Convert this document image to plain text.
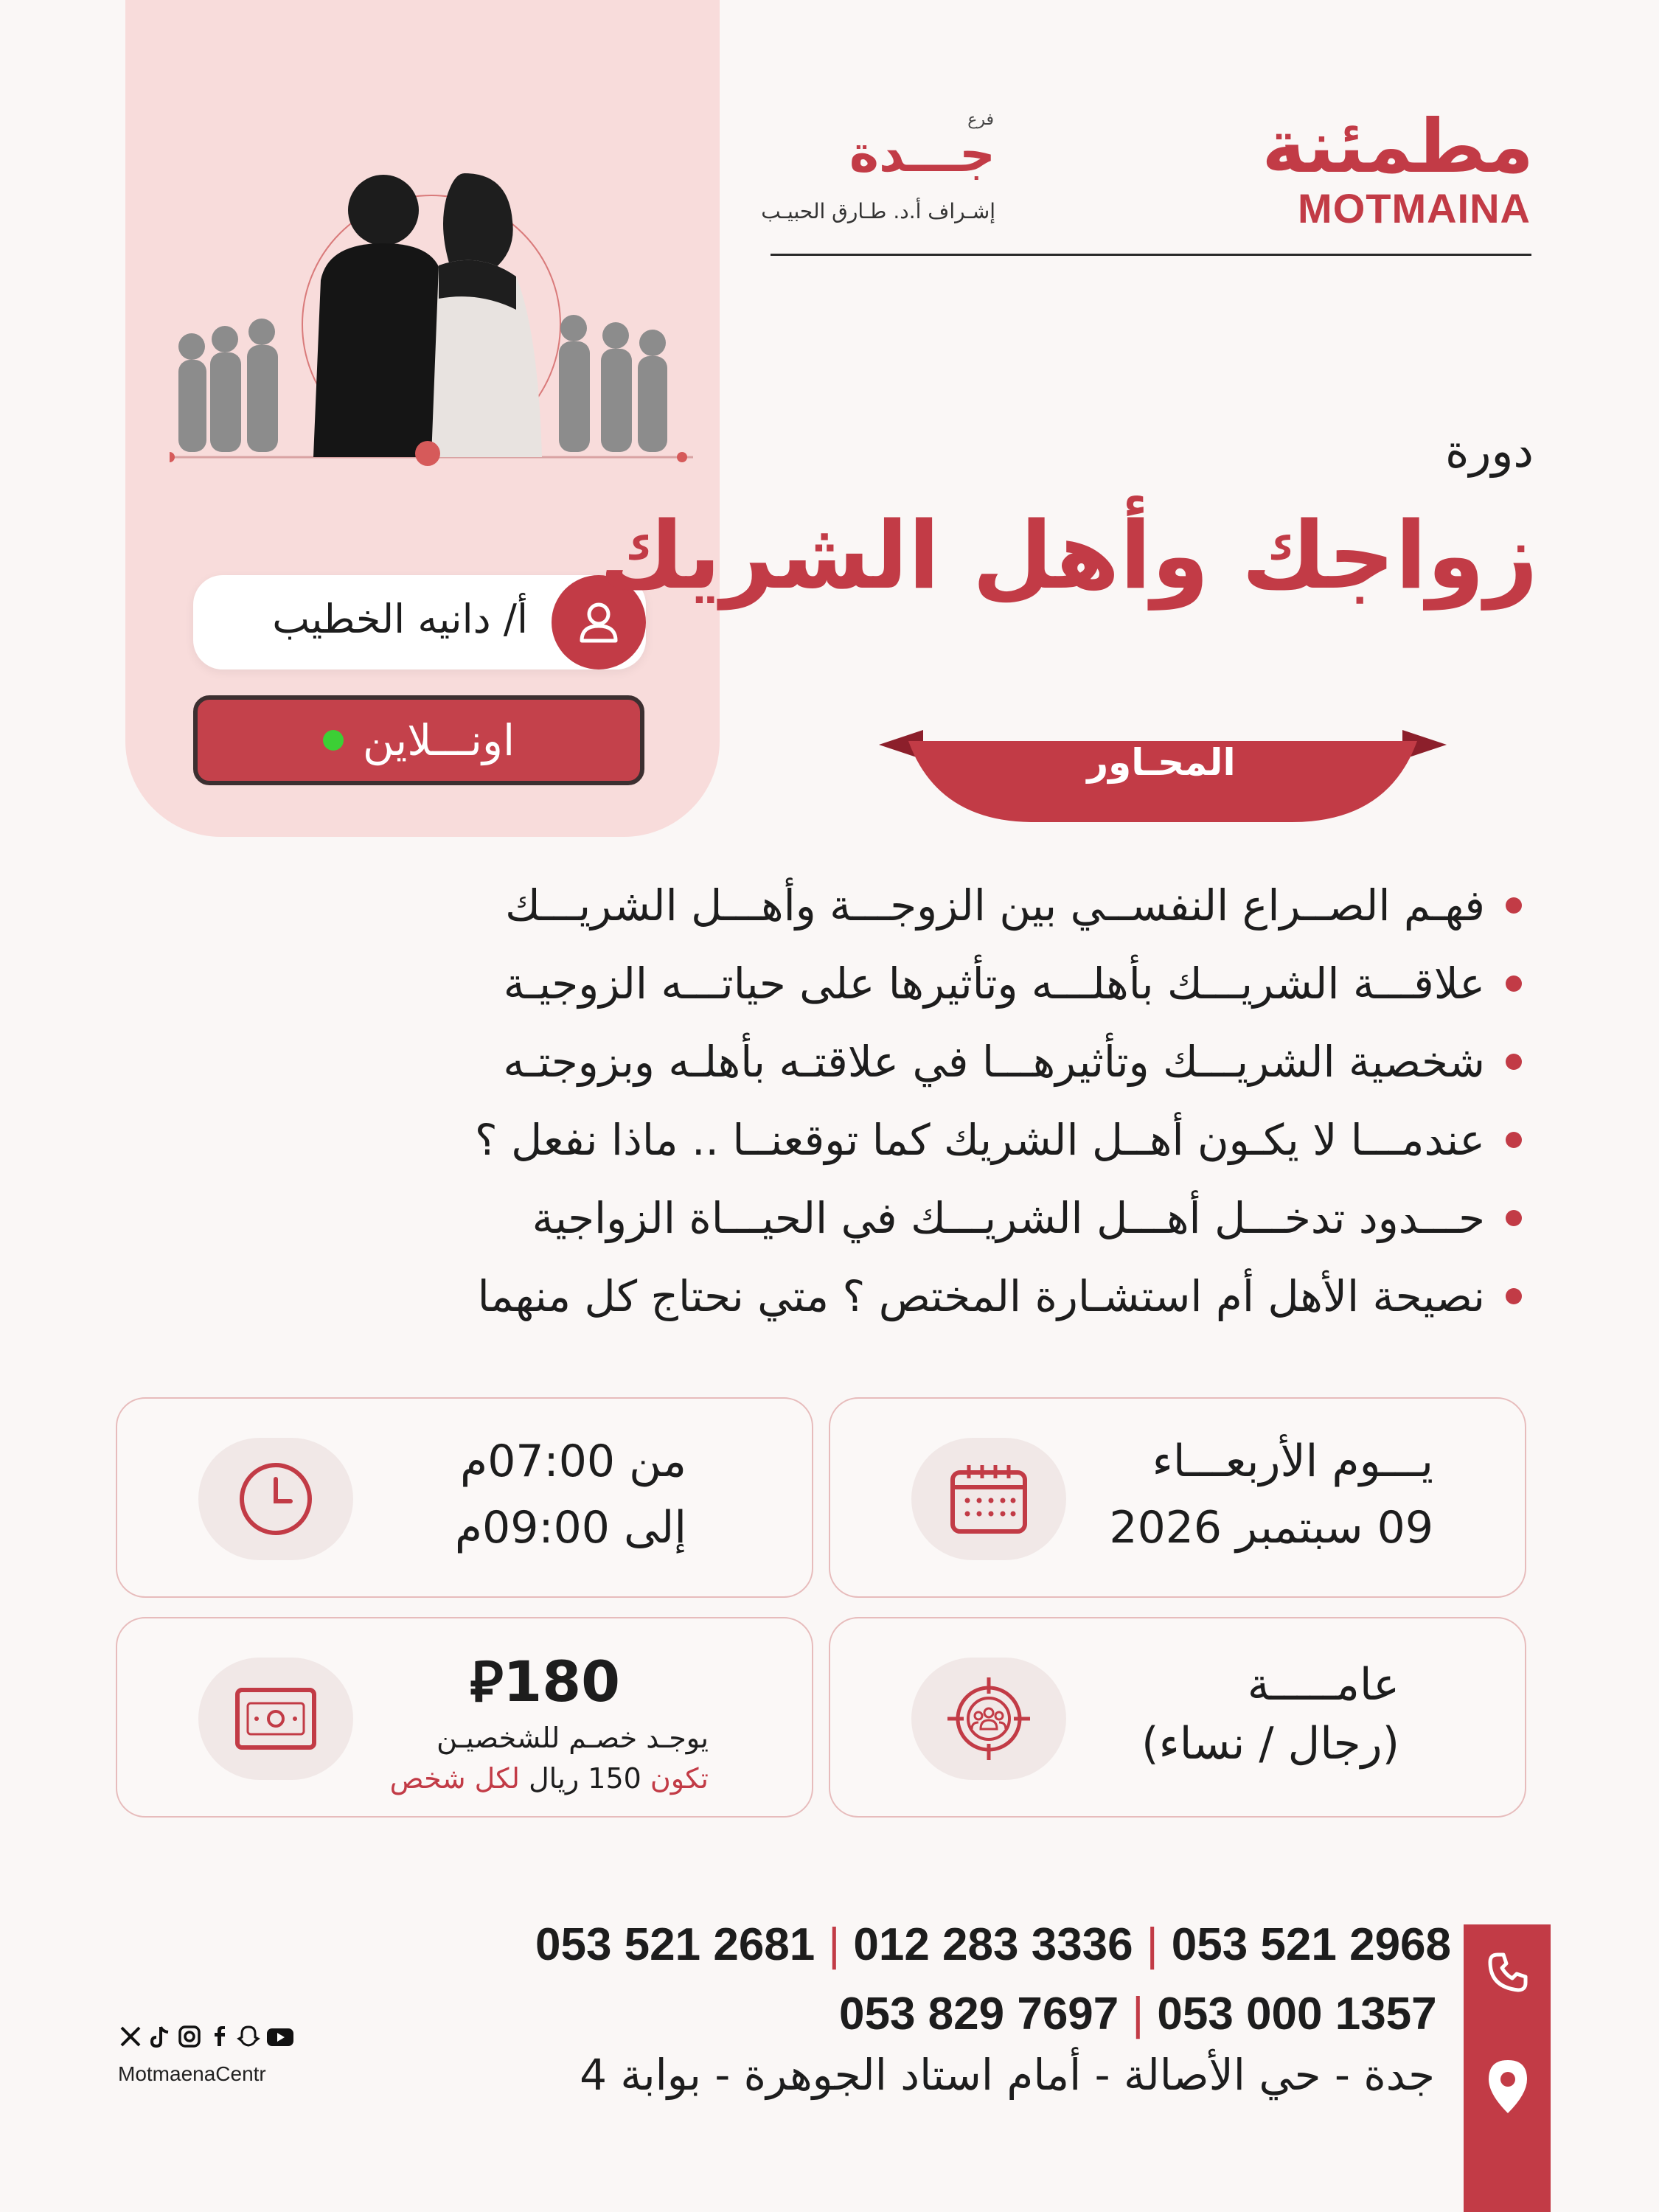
أ/ دانيه الخطيب
اونـــلاين
مطمئنة
MOTMAINA
فرع
جـــدة
إشـراف أ.د. طـارق الحبيـب
دورة
زواجك وأهل الشريك
المحـاور
فهـم الصــراع النفســي بين الزوجـــة وأهـــل الشريـــك
علاقـــة الشريـــك بأهلـــه وتأثيرها على حياتـــه الزوجيـة
شخصية الشريـــك وتأثيرهـــا في علاقتـه بأهلـه وبزوجتـه
عندمـــا لا يكـون أهــل الشريك كما توقعنــا .. ماذا نفعل ؟
حـــدود تدخـــل أهـــل الشريـــك في الحيـــاة الزواجية
نصيحة الأهل أم استشـارة المختص ؟ متي نحتاج كل منهما
يـــوم الأربعـــاء
09 سبتمبر 2026
من 07:00م
إلى 09:00م
عامـــــة
(رجال / نساء)
⃁180
يوجـد خصـم للشخصيـن
تكون 150 ريال لكل شخص
053 521 2681 | 012 283 3336 | 053 521 2968
053 829 7697 | 053 000 1357
جدة - حي الأصالة - أمام استاد الجوهرة - بوابة 4
MotmaenaCentr
